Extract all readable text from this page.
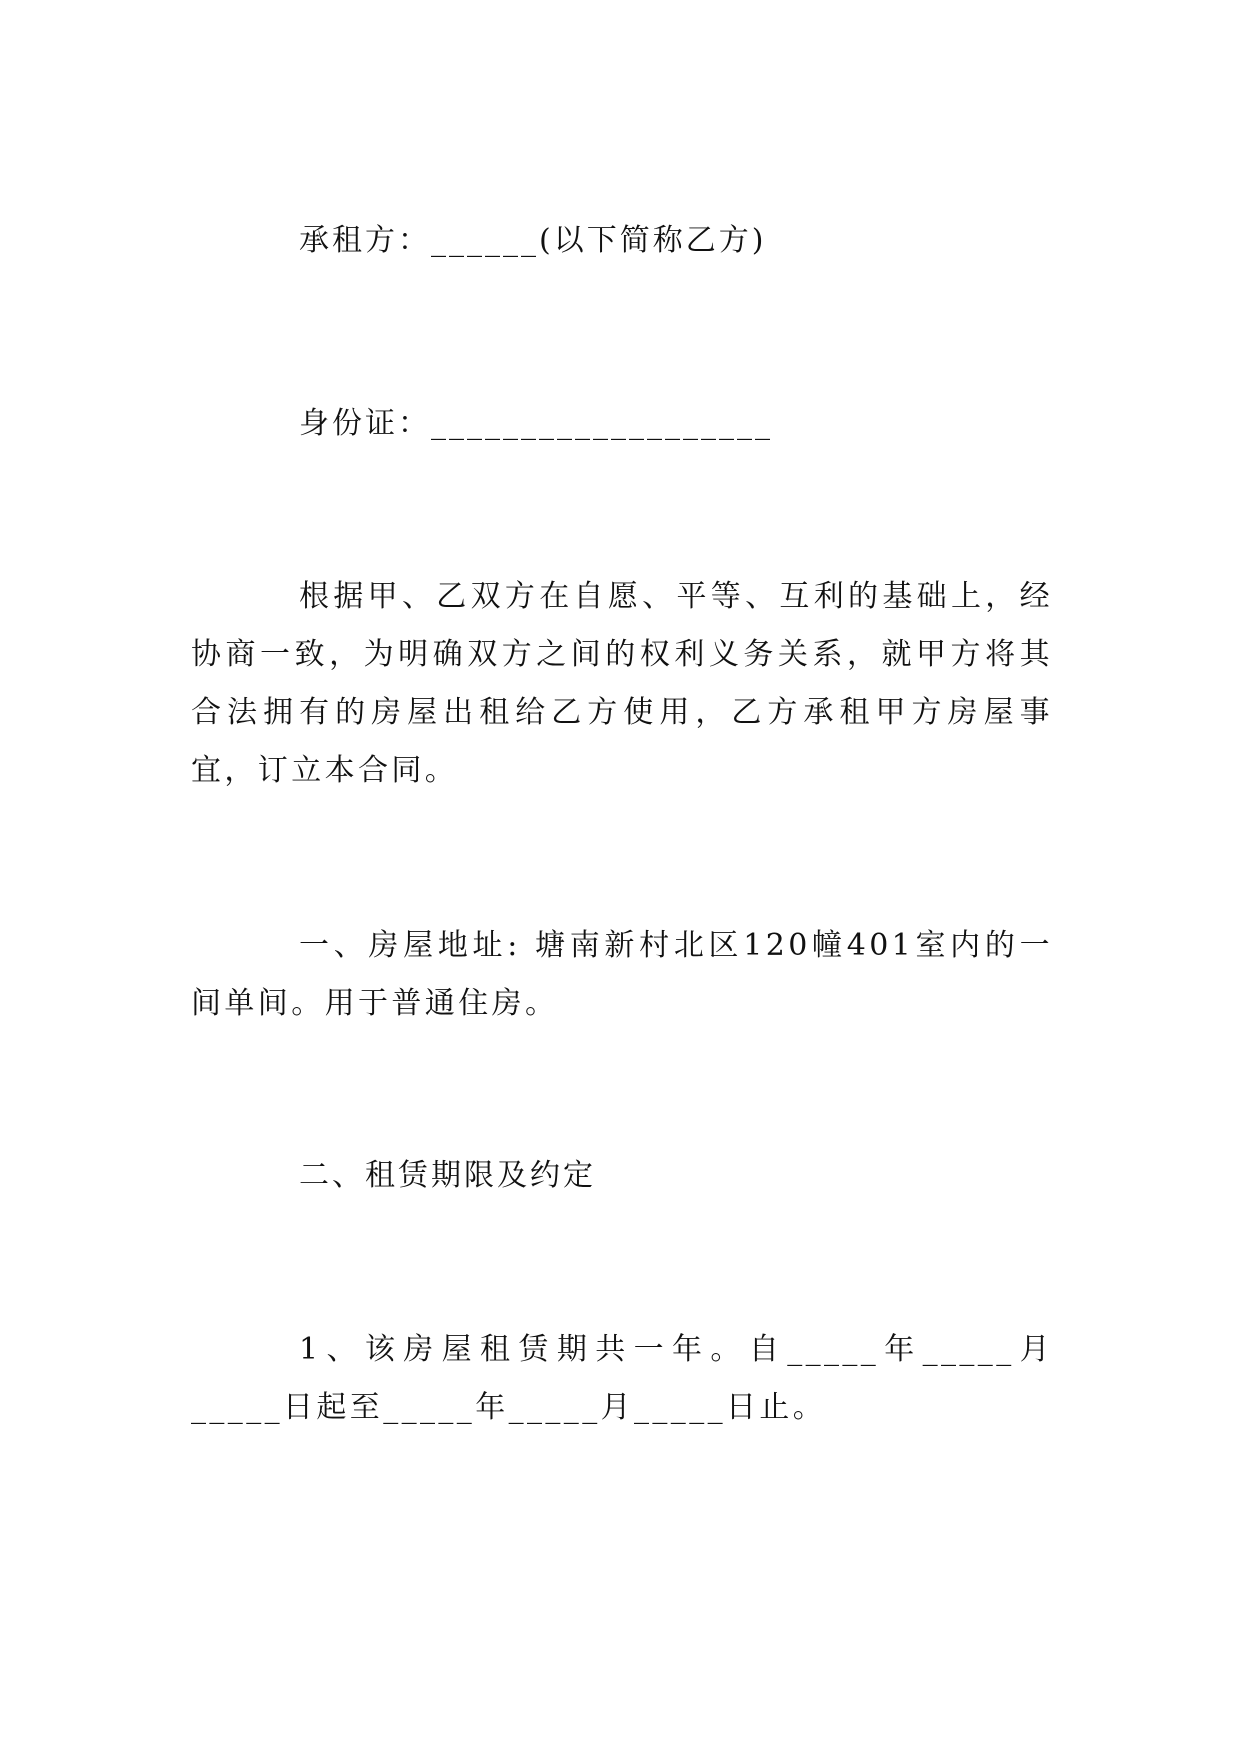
承租方：______(以下简称乙方)
身份证：___________________
根据甲、乙双方在自愿、平等、互利的基础上，经协商一致，为明确双方之间的权利义务关系，就甲方将其合法拥有的房屋出租给乙方使用，乙方承租甲方房屋事宜，订立本合同。
一、房屋地址: 塘南新村北区120幢401室内的一间单间。用于普通住房。
二、租赁期限及约定
1、该房屋租赁期共一年。自_____年_____月_____日起至_____年_____月_____日止。
